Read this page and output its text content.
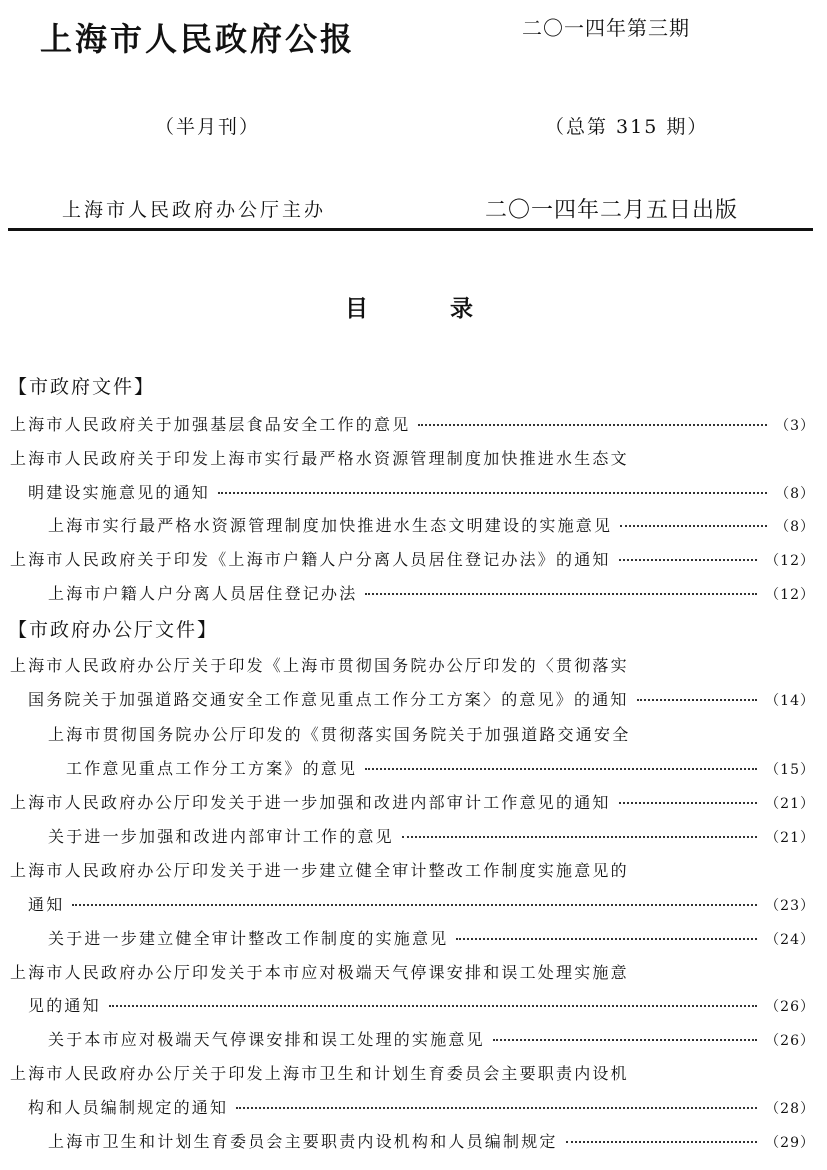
上海市人民政府公报	二〇一四年第三期
（半月刊）	（总第 315 期）
上海市人民政府办公厅主办	二〇一四年二月五日出版
目	录
【市政府文件】
【市政府办公厅文件】
上海市人民政府关于加强基层食品安全工作的意见	（3）
上海市人民政府关于印发上海市实行最严格水资源管理制度加快推进水生态文
明建设实施意见的通知	（8）
上海市实行最严格水资源管理制度加快推进水生态文明建设的实施意见	（8）
上海市人民政府关于印发《上海市户籍人户分离人员居住登记办法》的通知	（12）
上海市户籍人户分离人员居住登记办法	（12）
上海市人民政府办公厅关于印发《上海市贯彻国务院办公厅印发的〈贯彻落实
国务院关于加强道路交通安全工作意见重点工作分工方案〉的意见》的通知	（14）
上海市贯彻国务院办公厅印发的《贯彻落实国务院关于加强道路交通安全
工作意见重点工作分工方案》的意见	（15）
上海市人民政府办公厅印发关于进一步加强和改进内部审计工作意见的通知	（21）
关于进一步加强和改进内部审计工作的意见	（21）
上海市人民政府办公厅印发关于进一步建立健全审计整改工作制度实施意见的
通知	（23）
关于进一步建立健全审计整改工作制度的实施意见	（24）
上海市人民政府办公厅印发关于本市应对极端天气停课安排和误工处理实施意
见的通知	（26）
关于本市应对极端天气停课安排和误工处理的实施意见	（26）
上海市人民政府办公厅关于印发上海市卫生和计划生育委员会主要职责内设机
构和人员编制规定的通知	（28）
上海市卫生和计划生育委员会主要职责内设机构和人员编制规定	（29）
